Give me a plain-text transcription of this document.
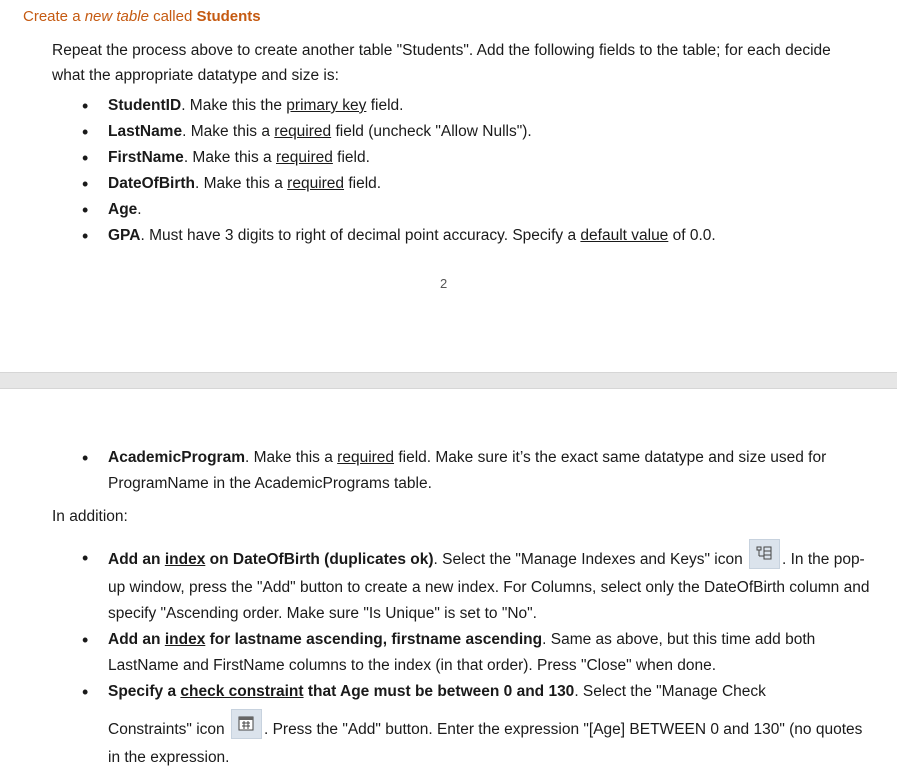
Create a new table called Students
Repeat the process above to create another table "Students". Add the following fields to the table; for each decide what the appropriate datatype and size is:
• StudentID. Make this the primary key field.
• LastName. Make this a required field (uncheck "Allow Nulls").
• FirstName. Make this a required field.
• DateOfBirth. Make this a required field.
• Age.
• GPA. Must have 3 digits to right of decimal point accuracy. Specify a default value of 0.0.
2
• AcademicProgram. Make this a required field. Make sure it’s the exact same datatype and size used for ProgramName in the AcademicPrograms table.
In addition:
• Add an index on DateOfBirth (duplicates ok). Select the "Manage Indexes and Keys" icon
. In the pop-up window, press the "Add" button to create a new index. For Columns, select only the DateOfBirth column and specify "Ascending order. Make sure "Is Unique" is set to "No".
• Add an index for lastname ascending, firstname ascending. Same as above, but this time add both LastName and FirstName columns to the index (in that order). Press "Close" when done.
• Specify a check constraint that Age must be between 0 and 130. Select the "Manage Check
Constraints" icon
. Press the "Add" button. Enter the expression "[Age] BETWEEN 0 and 130" (no quotes in the expression.
